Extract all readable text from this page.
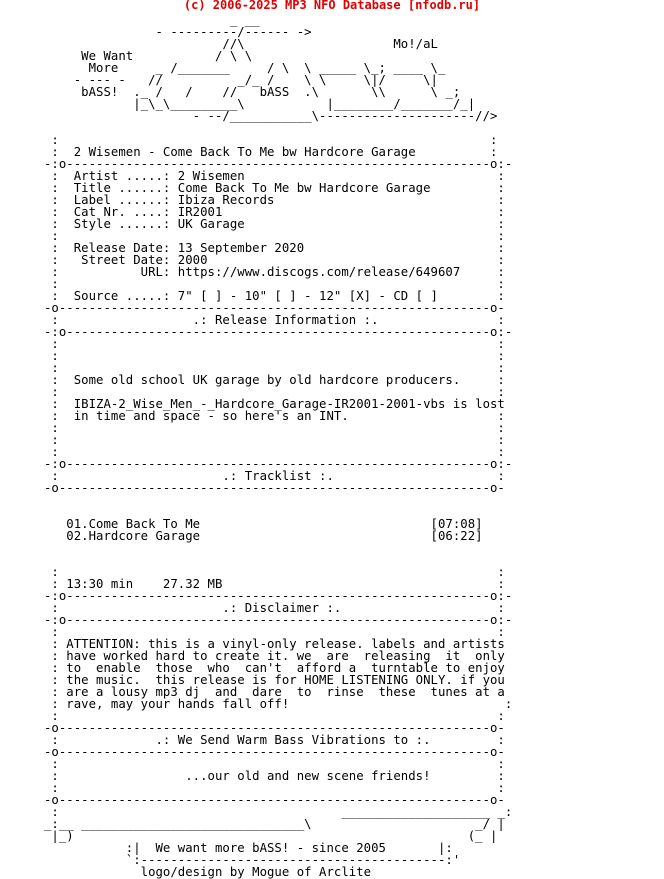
(c) 2006-2025 MP3 NFO Database [nfodb.ru]
_ __
- ---------/------ ->
//\                    Mo!/aL
We Want           / \ \
More     _ /_______     / \  \ _____ \_; ____ \_
- --- -   //          _/_ /    \ \     \|/     \|
bASS!  ._ /   /    //   bASS  .\       \\      \ _;
|_\_\_________\           |________/_______/_|
- --/___________\---------------------//>
:                                                          :
:  2 Wisemen - Come Back To Me bw Hardcore Garage          :
-:o---------------------------------------------------------o:-
:  Artist .....: 2 Wisemen                                  :
:  Title ......: Come Back To Me bw Hardcore Garage         :
:  Label ......: Ibiza Records                              :
:  Cat Nr. ....: IR2001                                     :
:  Style ......: UK Garage                                  :
:                                                           :
:  Release Date: 13 September 2020                          :
:   Street Date: 2000                                       :
:           URL: https://www.discogs.com/release/649607     :
:                                                           :
:  Source .....: 7" [ ] - 10" [ ] - 12" [X] - CD [ ]        :
-o----------------------------------------------------------o-
:                  .: Release Information :.                :
-:o---------------------------------------------------------o:-
:                                                           :
:                                                           :
:                                                           :
:  Some old school UK garage by old hardcore producers.     :
:                                                           :
:  IBIZA-2_Wise_Men_-_Hardcore_Garage-IR2001-2001-vbs is lost
:  in time and space - so here's an INT.                    :
:                                                           :
:                                                           :
:                                                           :
-:o---------------------------------------------------------o:-
:                      .: Tracklist :.                      :
-o----------------------------------------------------------o-
01.Come Back To Me                               [07:08]
02.Hardcore Garage                               [06:22]
:                                                           :
: 13:30 min    27.32 MB                                     :
-:o---------------------------------------------------------o:-
:                      .: Disclaimer :.                     :
-:o---------------------------------------------------------o:-
:                                                           :
: ATTENTION: this is a vinyl-only release. labels and artists
: have worked hard to create it. we  are  releasing  it  only
: to  enable  those  who  can't  afford a  turntable to enjoy
: the music.  this release is for HOME LISTENING ONLY. if you
: are a lousy mp3 dj  and  dare  to  rinse  these  tunes at a
: rave, may your hands fall off!                             :
:                                                           :
-o----------------------------------------------------------o-
:             .: We Send Warm Bass Vibrations to :.         :
-o----------------------------------------------------------o-
:                                                           :
:                 ...our old and new scene friends!         :
:                                                           :
-o----------------------------------------------------------o-
:                                      ____________________ _:
_:__ ______________________________\                      _/ |
|_)                                                     (_ |
:|  We want more bASS! - since 2005       |:
`:-----------------------------------------:'
logo/design by Mogue of Arclite
